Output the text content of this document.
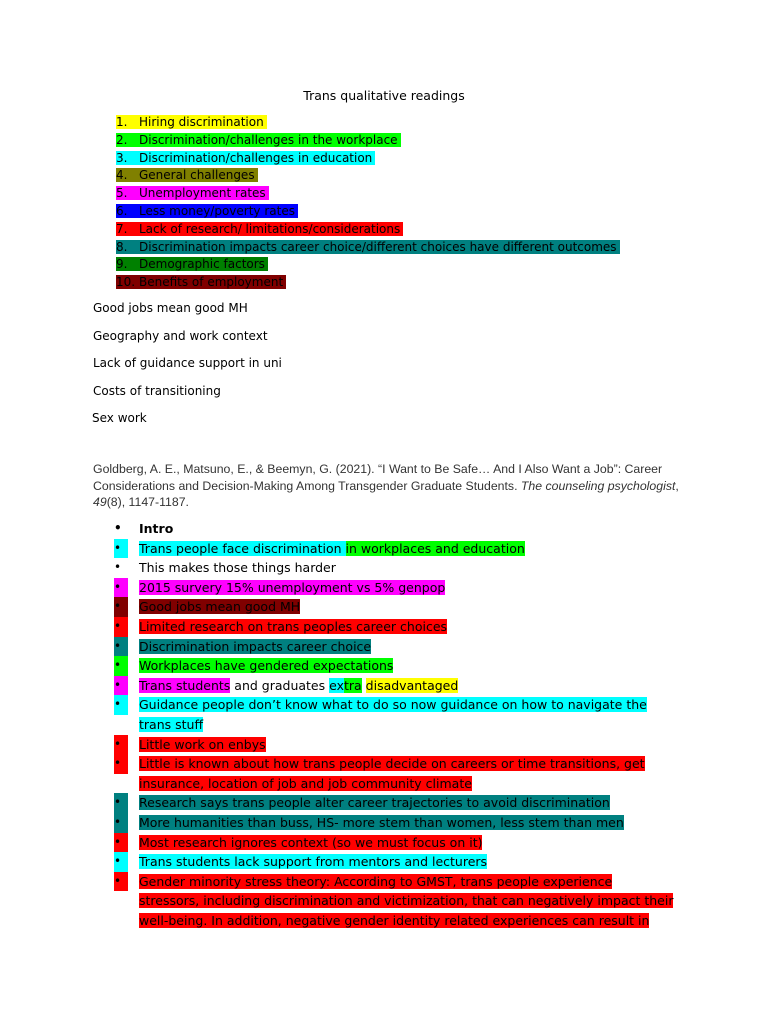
Trans qualitative readings
1. Hiring discrimination
2. Discrimination/challenges in the workplace
3. Discrimination/challenges in education
4. General challenges
5. Unemployment rates
6. Less money/poverty rates
7. Lack of research/ limitations/considerations
8. Discrimination impacts career choice/different choices have different outcomes
9. Demographic factors
10. Benefits of employment
Good jobs mean good MH
Geography and work context
Lack of guidance support in uni
Costs of transitioning
Sex work
Goldberg, A. E., Matsuno, E., & Beemyn, G. (2021). “I Want to Be Safe… And I Also Want a Job”: Career Considerations and Decision-Making Among Transgender Graduate Students. The counseling psychologist, 49(8), 1147-1187.
•	Intro
•	Trans people face discrimination in workplaces and education
•	This makes those things harder
•	2015 survery 15% unemployment vs 5% genpop
•	Good jobs mean good MH
•	Limited research on trans peoples career choices
•	Discrimination impacts career choice
•	Workplaces have gendered expectations
•	Trans students and graduates extra disadvantaged
•	Guidance people don’t know what to do so now guidance on how to navigate the trans stuff
•	Little work on enbys
•	Little is known about how trans people decide on careers or time transitions, get insurance, location of job and job community climate
•	Research says trans people alter career trajectories to avoid discrimination
•	More humanities than buss, HS- more stem than women, less stem than men
•	Most research ignores context (so we must focus on it)
•	Trans students lack support from mentors and lecturers
•	Gender minority stress theory: According to GMST, trans people experience stressors, including discrimination and victimization, that can negatively impact their well-being. In addition, negative gender identity related experiences can result in
